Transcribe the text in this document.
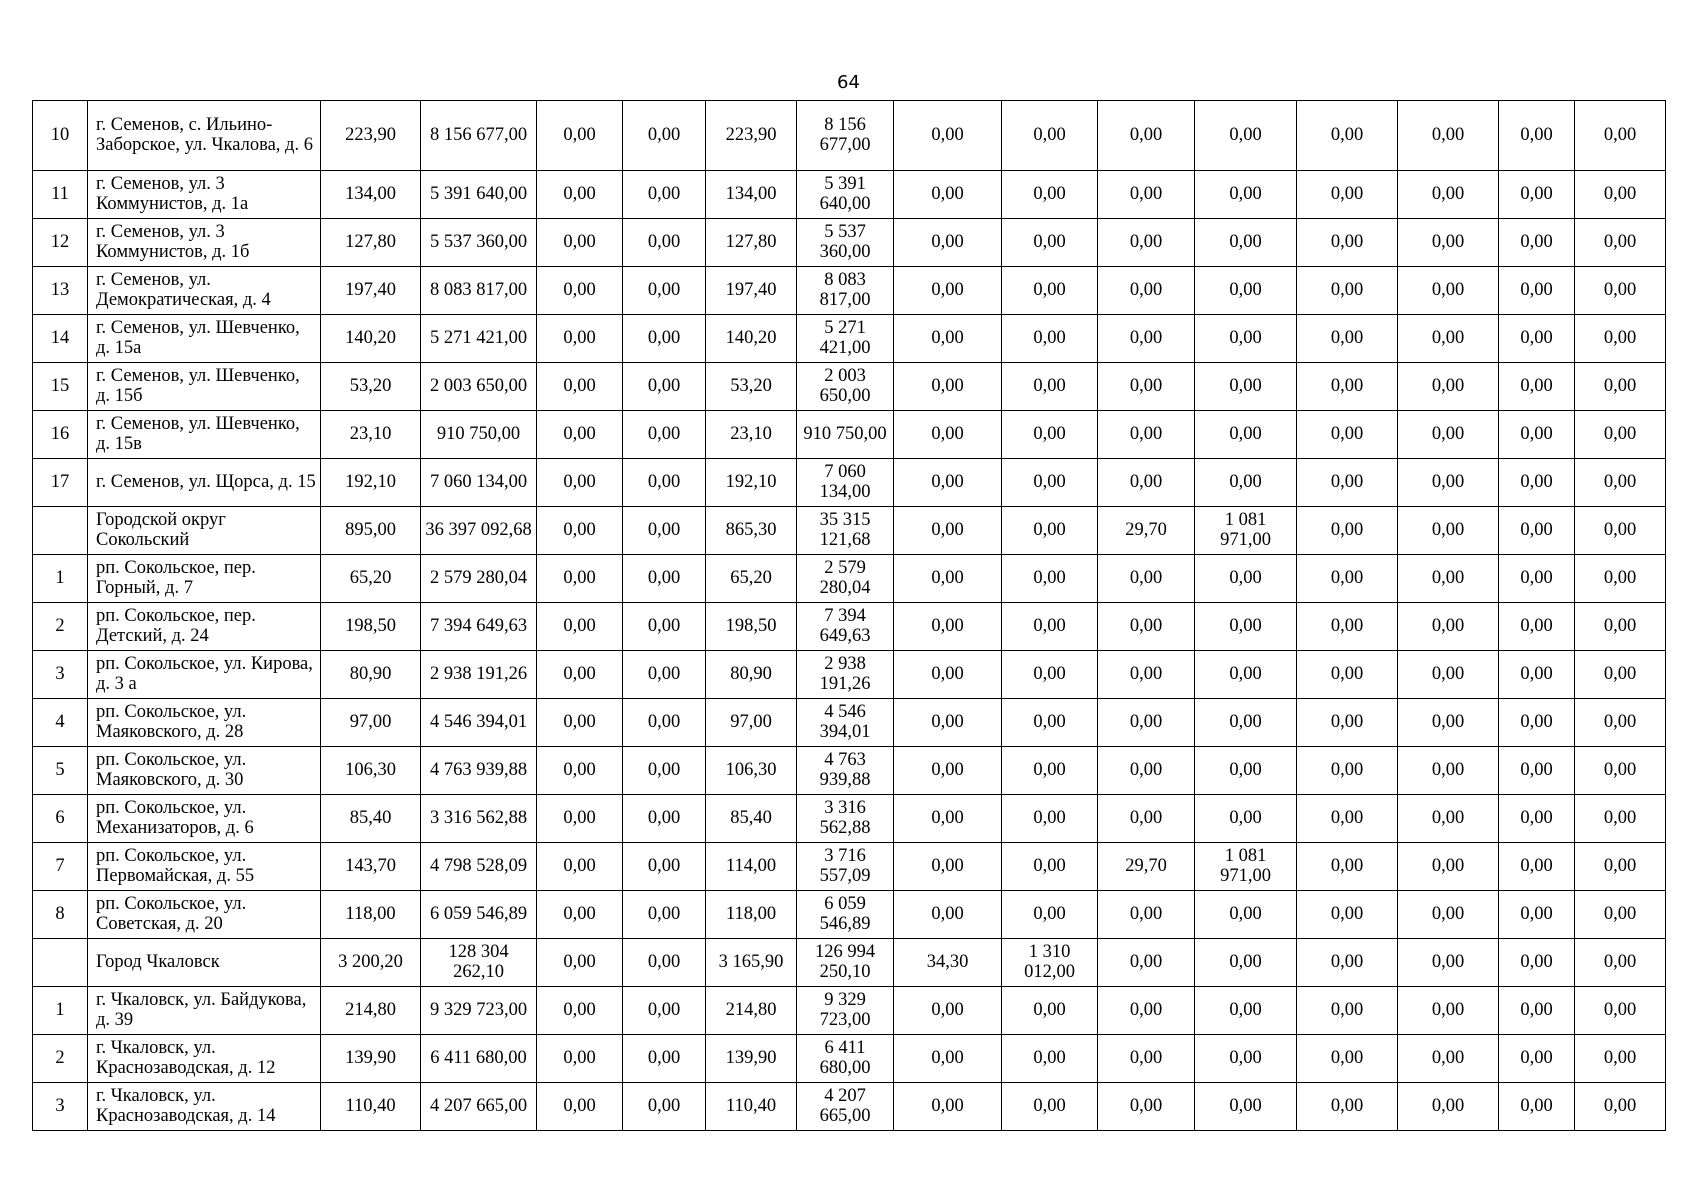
64
10	г. Семенов, с. Ильино-Заборское, ул. Чкалова, д. 6	223,90	8 156 677,00	0,00	0,00	223,90	8 156 677,00	0,00	0,00	0,00	0,00	0,00	0,00	0,00	0,00
11	г. Семенов, ул. 3 Коммунистов, д. 1а	134,00	5 391 640,00	0,00	0,00	134,00	5 391 640,00	0,00	0,00	0,00	0,00	0,00	0,00	0,00	0,00
12	г. Семенов, ул. 3 Коммунистов, д. 1б	127,80	5 537 360,00	0,00	0,00	127,80	5 537 360,00	0,00	0,00	0,00	0,00	0,00	0,00	0,00	0,00
13	г. Семенов, ул. Демократическая, д. 4	197,40	8 083 817,00	0,00	0,00	197,40	8 083 817,00	0,00	0,00	0,00	0,00	0,00	0,00	0,00	0,00
14	г. Семенов, ул. Шевченко, д. 15а	140,20	5 271 421,00	0,00	0,00	140,20	5 271 421,00	0,00	0,00	0,00	0,00	0,00	0,00	0,00	0,00
15	г. Семенов, ул. Шевченко, д. 15б	53,20	2 003 650,00	0,00	0,00	53,20	2 003 650,00	0,00	0,00	0,00	0,00	0,00	0,00	0,00	0,00
16	г. Семенов, ул. Шевченко, д. 15в	23,10	910 750,00	0,00	0,00	23,10	910 750,00	0,00	0,00	0,00	0,00	0,00	0,00	0,00	0,00
17	г. Семенов, ул. Щорса, д. 15	192,10	7 060 134,00	0,00	0,00	192,10	7 060 134,00	0,00	0,00	0,00	0,00	0,00	0,00	0,00	0,00
	Городской округ Сокольский	895,00	36 397 092,68	0,00	0,00	865,30	35 315 121,68	0,00	0,00	29,70	1 081 971,00	0,00	0,00	0,00	0,00
1	рп. Сокольское, пер. Горный, д. 7	65,20	2 579 280,04	0,00	0,00	65,20	2 579 280,04	0,00	0,00	0,00	0,00	0,00	0,00	0,00	0,00
2	рп. Сокольское, пер. Детский, д. 24	198,50	7 394 649,63	0,00	0,00	198,50	7 394 649,63	0,00	0,00	0,00	0,00	0,00	0,00	0,00	0,00
3	рп. Сокольское, ул. Кирова, д. 3 а	80,90	2 938 191,26	0,00	0,00	80,90	2 938 191,26	0,00	0,00	0,00	0,00	0,00	0,00	0,00	0,00
4	рп. Сокольское, ул. Маяковского, д. 28	97,00	4 546 394,01	0,00	0,00	97,00	4 546 394,01	0,00	0,00	0,00	0,00	0,00	0,00	0,00	0,00
5	рп. Сокольское, ул. Маяковского, д. 30	106,30	4 763 939,88	0,00	0,00	106,30	4 763 939,88	0,00	0,00	0,00	0,00	0,00	0,00	0,00	0,00
6	рп. Сокольское, ул. Механизаторов, д. 6	85,40	3 316 562,88	0,00	0,00	85,40	3 316 562,88	0,00	0,00	0,00	0,00	0,00	0,00	0,00	0,00
7	рп. Сокольское, ул. Первомайская, д. 55	143,70	4 798 528,09	0,00	0,00	114,00	3 716 557,09	0,00	0,00	29,70	1 081 971,00	0,00	0,00	0,00	0,00
8	рп. Сокольское, ул. Советская, д. 20	118,00	6 059 546,89	0,00	0,00	118,00	6 059 546,89	0,00	0,00	0,00	0,00	0,00	0,00	0,00	0,00
	Город Чкаловск	3 200,20	128 304 262,10	0,00	0,00	3 165,90	126 994 250,10	34,30	1 310 012,00	0,00	0,00	0,00	0,00	0,00	0,00
1	г. Чкаловск, ул. Байдукова, д. 39	214,80	9 329 723,00	0,00	0,00	214,80	9 329 723,00	0,00	0,00	0,00	0,00	0,00	0,00	0,00	0,00
2	г. Чкаловск, ул. Краснозаводская, д. 12	139,90	6 411 680,00	0,00	0,00	139,90	6 411 680,00	0,00	0,00	0,00	0,00	0,00	0,00	0,00	0,00
3	г. Чкаловск, ул. Краснозаводская, д. 14	110,40	4 207 665,00	0,00	0,00	110,40	4 207 665,00	0,00	0,00	0,00	0,00	0,00	0,00	0,00	0,00
